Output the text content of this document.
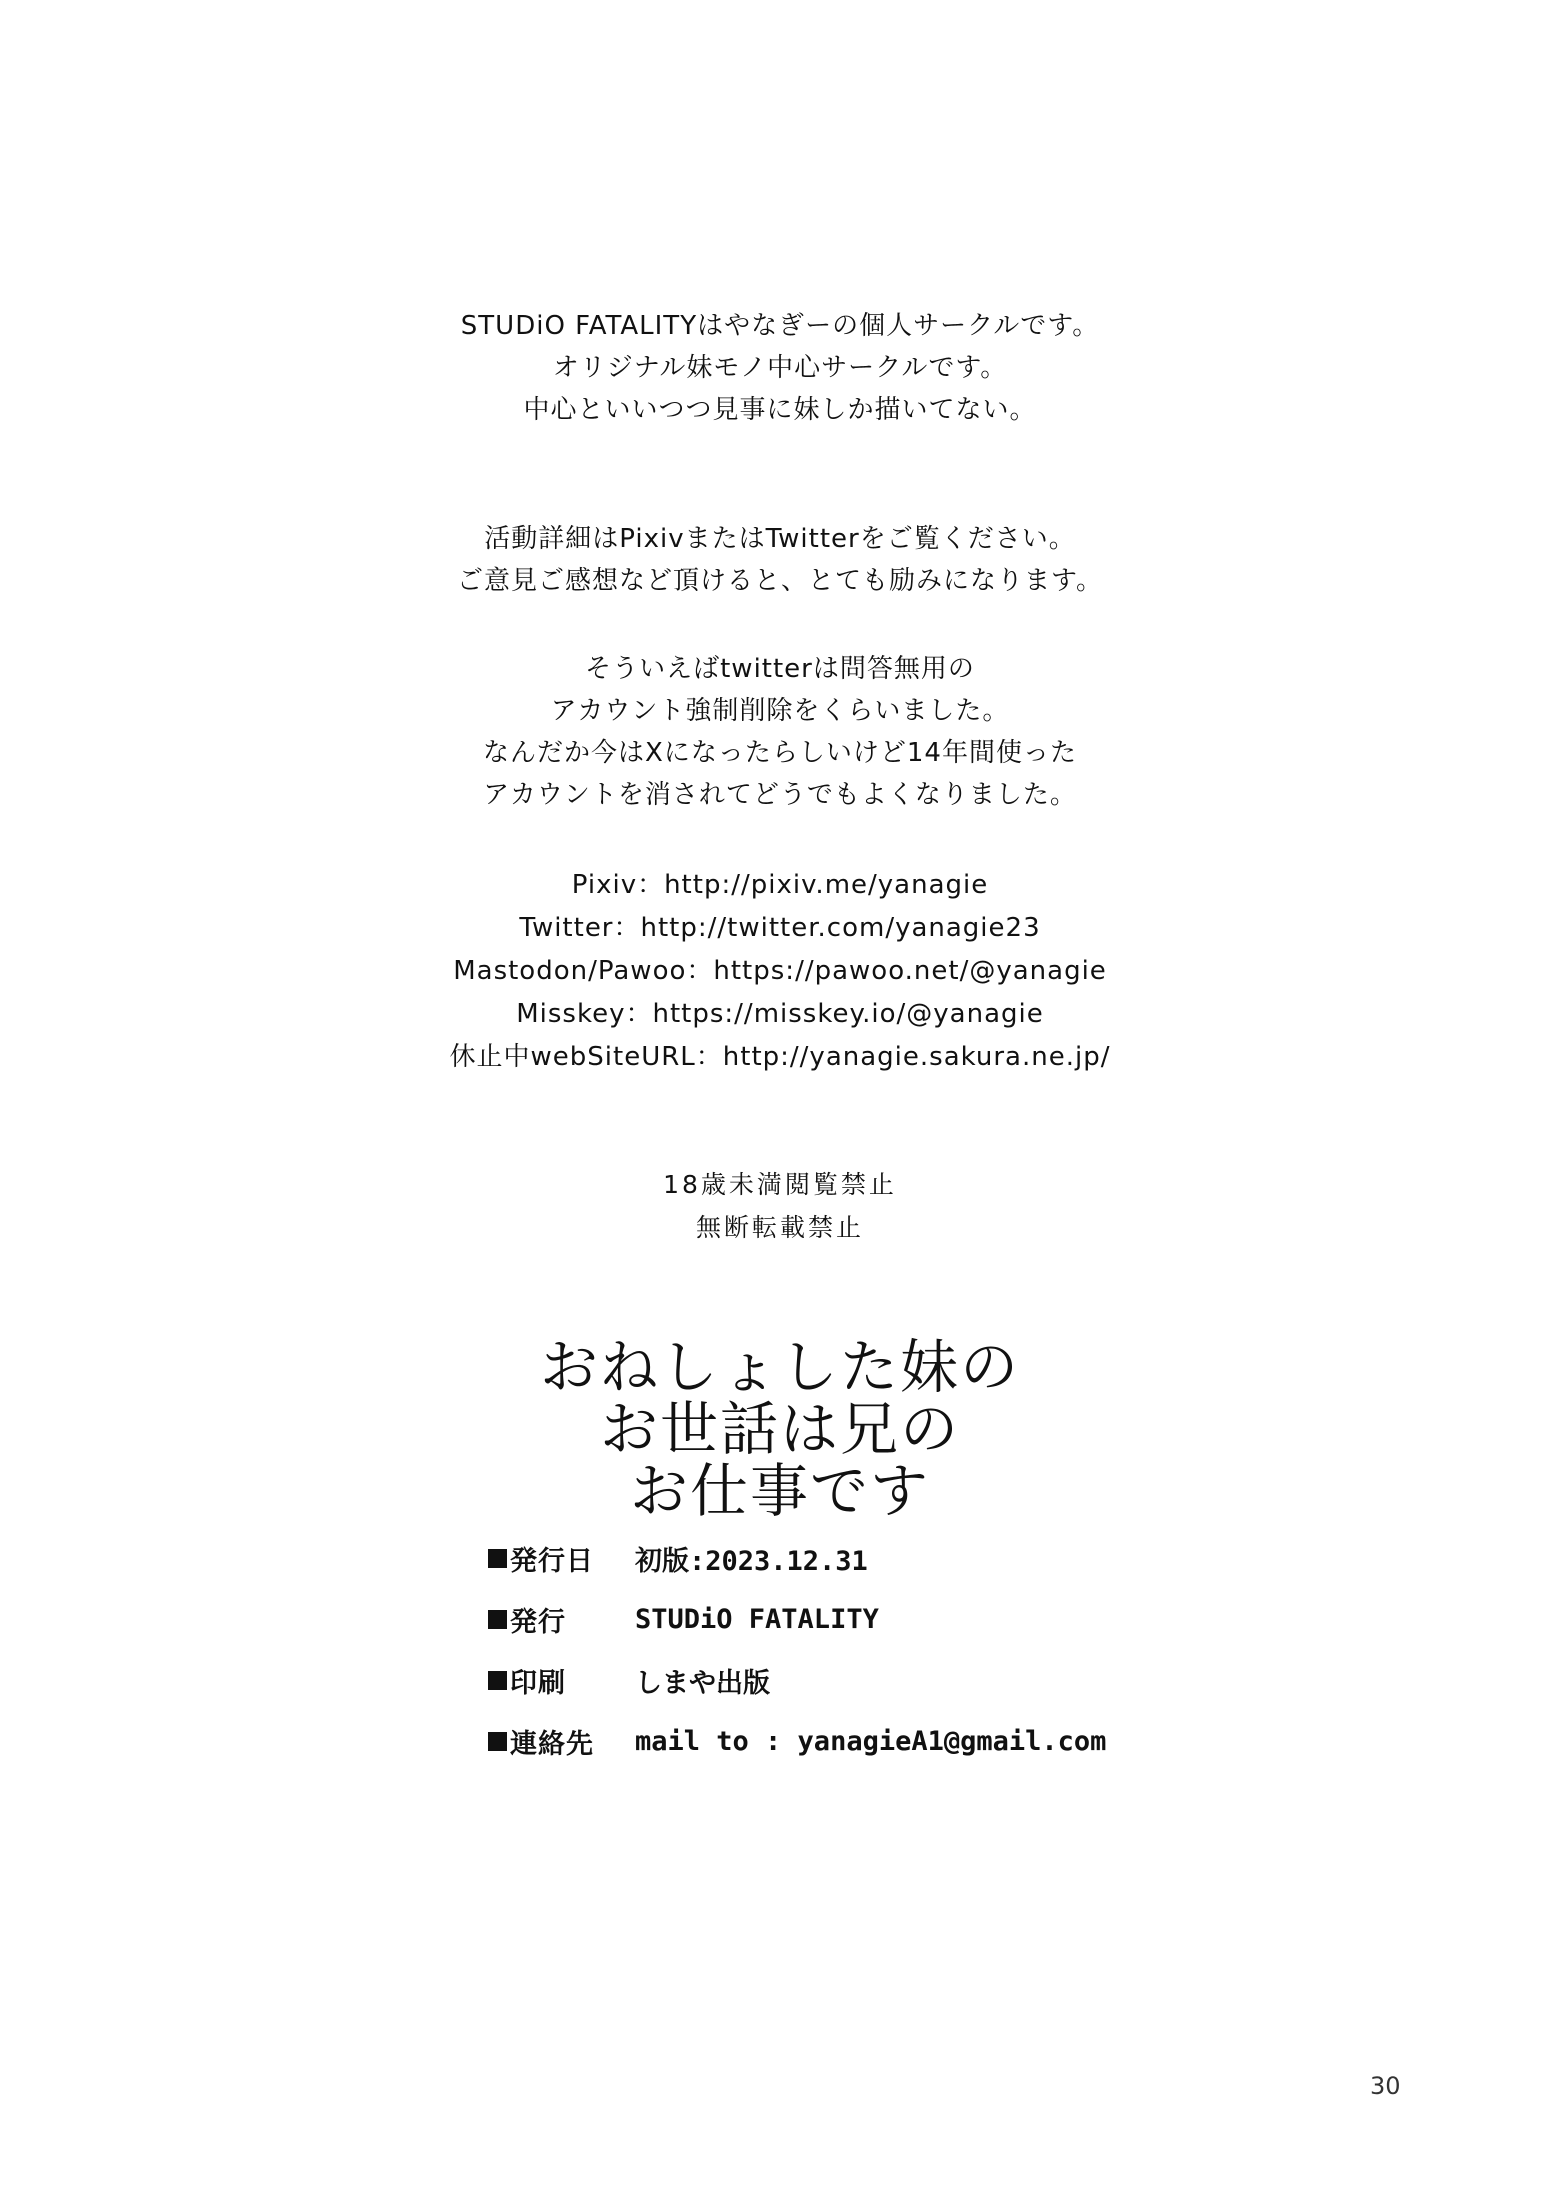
STUDiO FATALITYはやなぎーの個人サークルです。
オリジナル妹モノ中心サークルです。
中心といいつつ見事に妹しか描いてない。
活動詳細はPixivまたはTwitterをご覧ください。
ご意見ご感想など頂けると、とても励みになります。
そういえばtwitterは問答無用の
アカウント強制削除をくらいました。
なんだか今はXになったらしいけど14年間使った
アカウントを消されてどうでもよくなりました。
Pixiv：http://pixiv.me/yanagie
Twitter：http://twitter.com/yanagie23
Mastodon/Pawoo：https://pawoo.net/@yanagie
Misskey：https://misskey.io/@yanagie
休止中webSiteURL：http://yanagie.sakura.ne.jp/
18歳未満閲覧禁止
無断転載禁止
おねしょした妹の
お世話は兄の
お仕事です
発行日 初版:2023.12.31
発行	STUDiO FATALITY
印刷	しまや出版
連絡先 mail to : yanagieA1@gmail.com
30
